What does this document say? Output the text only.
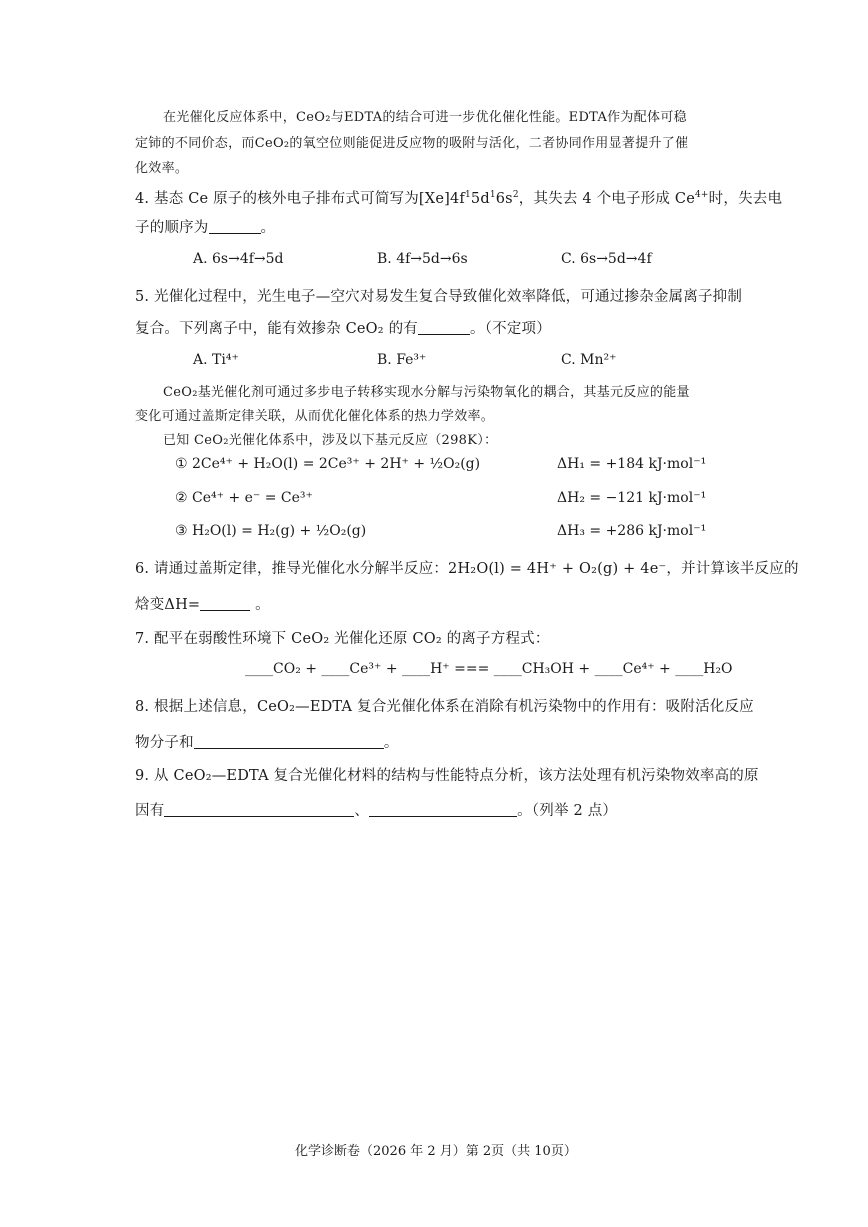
在光催化反应体系中，CeO₂与EDTA的结合可进一步优化催化性能。EDTA作为配体可稳
定铈的不同价态，而CeO₂的氧空位则能促进反应物的吸附与活化，二者协同作用显著提升了催
化效率。
4. 基态 Ce 原子的核外电子排布式可简写为$[Xe]4f^15d^16s^2$，其失去 4 个电子形成 $Ce^{4+}$时，失去电
子的顺序为	。
A. 6s→4f→5d	B. 4f→5d→6s	C. 6s→5d→4f
5. 光催化过程中，光生电子—空穴对易发生复合导致催化效率降低，可通过掺杂金属离子抑制
复合。下列离子中，能有效掺杂 CeO₂ 的有	。（不定项）
A. Ti⁴⁺	B. Fe³⁺	C. Mn²⁺
CeO₂基光催化剂可通过多步电子转移实现水分解与污染物氧化的耦合，其基元反应的能量
变化可通过盖斯定律关联，从而优化催化体系的热力学效率。
已知 CeO₂光催化体系中，涉及以下基元反应（298K）：
① 2Ce⁴⁺ + H₂O(l) = 2Ce³⁺ + 2H⁺ + ½O₂(g)	ΔH₁ = +184 kJ·mol⁻¹
② Ce⁴⁺ + e⁻ = Ce³⁺	ΔH₂ = −121 kJ·mol⁻¹
③ H₂O(l) = H₂(g) + ½O₂(g)	ΔH₃ = +286 kJ·mol⁻¹
6. 请通过盖斯定律，推导光催化水分解半反应：2H₂O(l) = 4H⁺ + O₂(g) + 4e⁻，并计算该半反应的
焓变ΔH=	。
7. 配平在弱酸性环境下 CeO₂ 光催化还原 CO₂ 的离子方程式：
____CO₂ + ____Ce³⁺ + ____H⁺ === ____CH₃OH + ____Ce⁴⁺ + ____H₂O
8. 根据上述信息，CeO₂—EDTA 复合光催化体系在消除有机污染物中的作用有：吸附活化反应
物分子和	。
9. 从 CeO₂—EDTA 复合光催化材料的结构与性能特点分析，该方法处理有机污染物效率高的原
因有	、	。（列举 2 点）
化学诊断卷（2026 年 2 月）第 2页（共 10页）
